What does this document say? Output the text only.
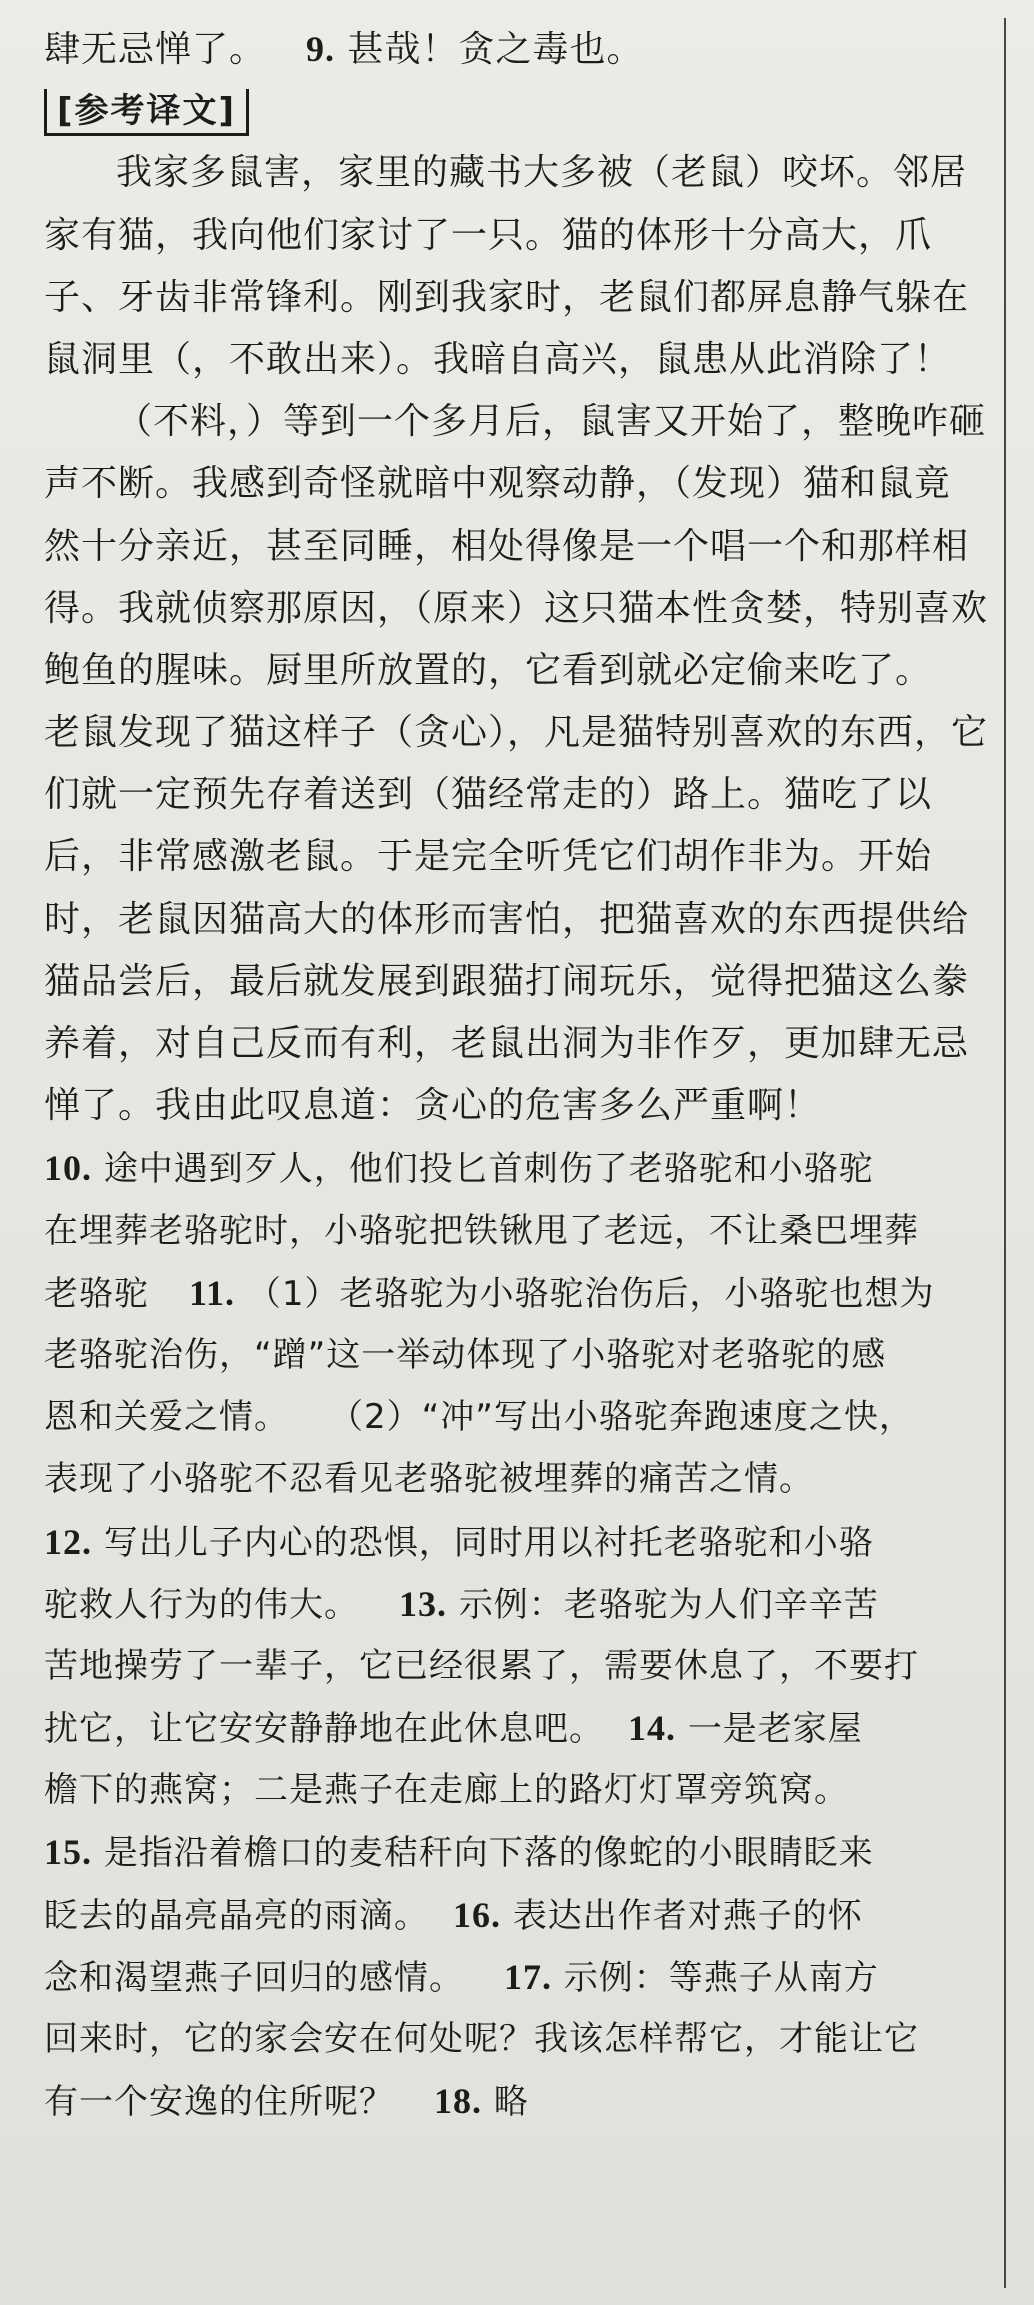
肆无忌惮了。 9. 甚哉！贪之毒也。
[参考译文]
我家多鼠害，家里的藏书大多被（老鼠）咬坏。邻居
家有猫，我向他们家讨了一只。猫的体形十分高大，爪
子、牙齿非常锋利。刚到我家时，老鼠们都屏息静气躲在
鼠洞里（，不敢出来）。我暗自高兴，鼠患从此消除了！
（不料，）等到一个多月后，鼠害又开始了，整晚咋砸
声不断。我感到奇怪就暗中观察动静，（发现）猫和鼠竟
然十分亲近，甚至同睡，相处得像是一个唱一个和那样相
得。我就侦察那原因，（原来）这只猫本性贪婪，特别喜欢
鲍鱼的腥味。厨里所放置的，它看到就必定偷来吃了。
老鼠发现了猫这样子（贪心），凡是猫特别喜欢的东西，它
们就一定预先存着送到（猫经常走的）路上。猫吃了以
后，非常感激老鼠。于是完全听凭它们胡作非为。开始
时，老鼠因猫高大的体形而害怕，把猫喜欢的东西提供给
猫品尝后，最后就发展到跟猫打闹玩乐，觉得把猫这么豢
养着，对自己反而有利，老鼠出洞为非作歹，更加肆无忌
惮了。我由此叹息道：贪心的危害多么严重啊！
10. 途中遇到歹人，他们投匕首刺伤了老骆驼和小骆驼
在埋葬老骆驼时，小骆驼把铁锹甩了老远，不让桑巴埋葬
老骆驼 11. （1）老骆驼为小骆驼治伤后，小骆驼也想为
老骆驼治伤，“蹭”这一举动体现了小骆驼对老骆驼的感
恩和关爱之情。 （2）“冲”写出小骆驼奔跑速度之快，
表现了小骆驼不忍看见老骆驼被埋葬的痛苦之情。
12. 写出儿子内心的恐惧，同时用以衬托老骆驼和小骆
驼救人行为的伟大。 13. 示例：老骆驼为人们辛辛苦
苦地操劳了一辈子，它已经很累了，需要休息了，不要打
扰它，让它安安静静地在此休息吧。 14. 一是老家屋
檐下的燕窝；二是燕子在走廊上的路灯灯罩旁筑窝。
15. 是指沿着檐口的麦秸秆向下落的像蛇的小眼睛眨来
眨去的晶亮晶亮的雨滴。 16. 表达出作者对燕子的怀
念和渴望燕子回归的感情。 17. 示例：等燕子从南方
回来时，它的家会安在何处呢？我该怎样帮它，才能让它
有一个安逸的住所呢？ 18. 略
